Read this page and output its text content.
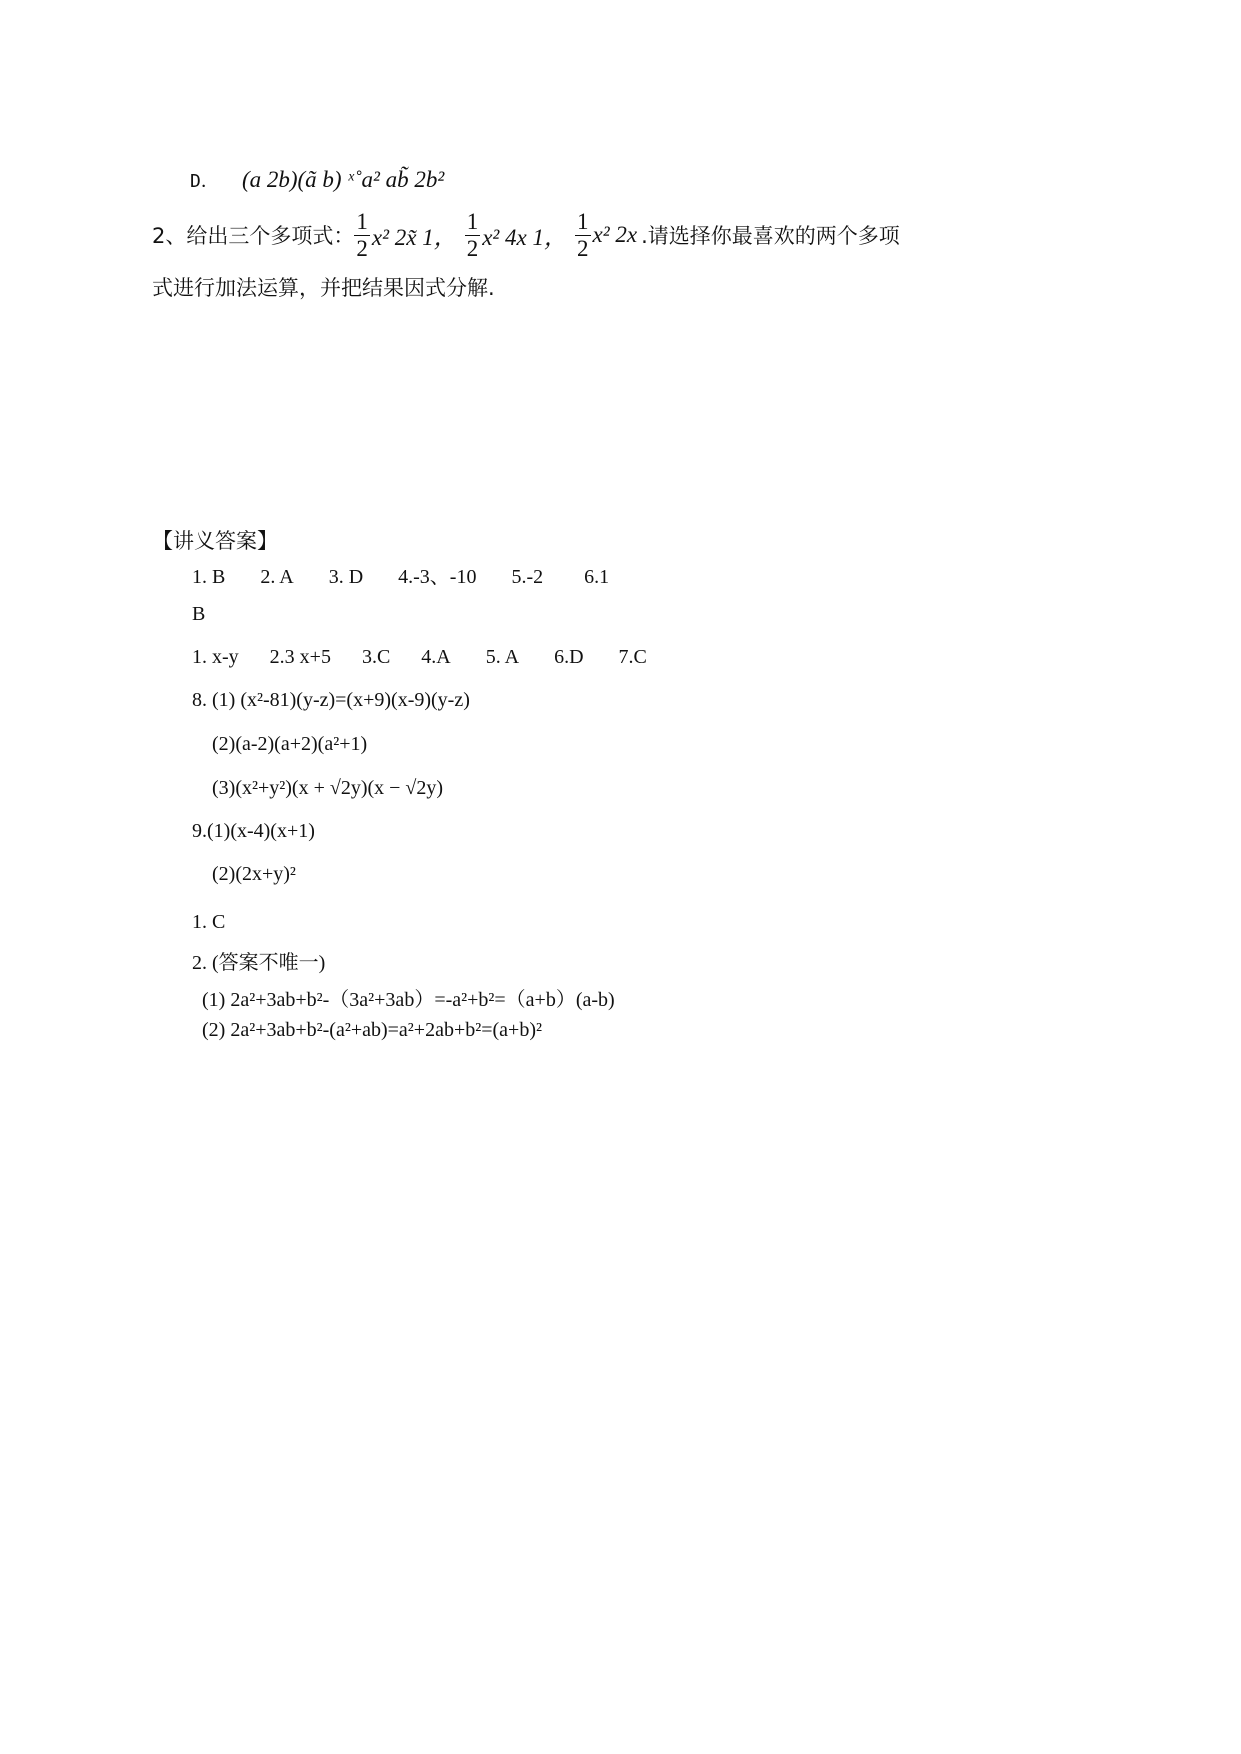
D． (a 2b)(ã b) ˣ˚a² ab̃ 2b²
2、给出三个多项式： $\frac{1}{2} x^2$ 2x̃ 1， $\frac{1}{2} x^2$ 4x 1， $\frac{1}{2} x^2$ 2x .请选择你最喜欢的两个多项
式进行加法运算，并把结果因式分解.
【讲义答案】
1. B 2. A 3. D 4.-3、-10 5.-2 6.1
B
1. x-y 2.3 x+5 3.C 4.A 5. A 6.D 7.C
8. (1) (x²-81)(y-z)=(x+9)(x-9)(y-z)
(2)(a-2)(a+2)(a²+1)
(3)(x²+y²)(x + √2y)(x − √2y)
9.(1)(x-4)(x+1)
(2)(2x+y)²
1. C
2. (答案不唯一)
(1) 2a²+3ab+b²-（3a²+3ab）=-a²+b²=（a+b）(a-b)
(2) 2a²+3ab+b²-(a²+ab)=a²+2ab+b²=(a+b)²
